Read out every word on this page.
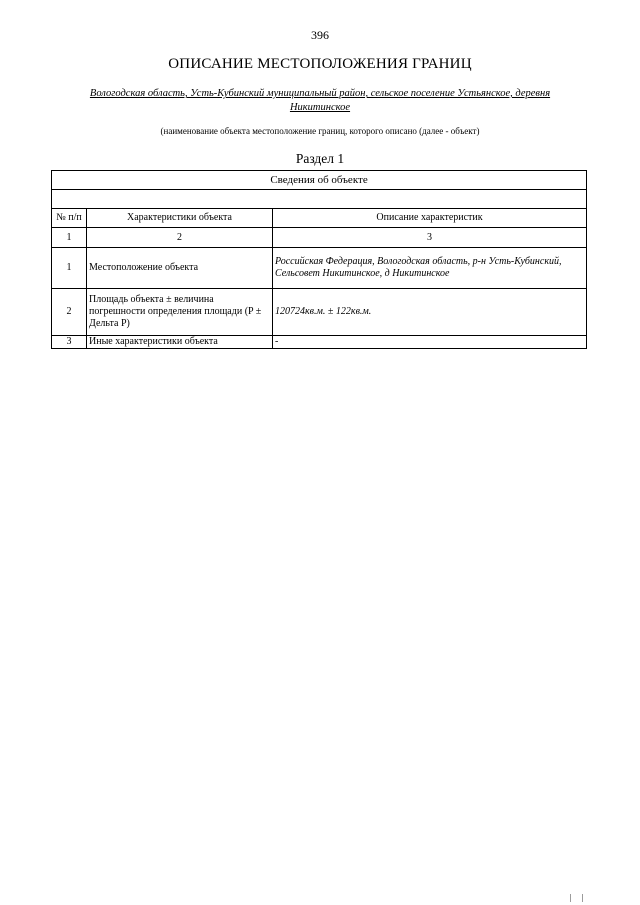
396
ОПИСАНИЕ МЕСТОПОЛОЖЕНИЯ ГРАНИЦ
Вологодская область, Усть-Кубинский муниципальный район, сельское поселение Устьянское, деревня Никитинское
(наименование объекта местоположение границ, которого описано (далее - объект)
Раздел 1
Сведения об объекте		

№ п/п	Характеристики объекта	Описание характеристик
1	2	3
1	Местоположение объекта	Российская Федерация, Вологодская область, р-н Усть-Кубинский, Сельсовет Никитинское, д Никитинское
2	Площадь объекта ± величина погрешности определения площади (P ± Дельта P)	120724кв.м. ± 122кв.м.
3	Иные характеристики объекта	-
| |
